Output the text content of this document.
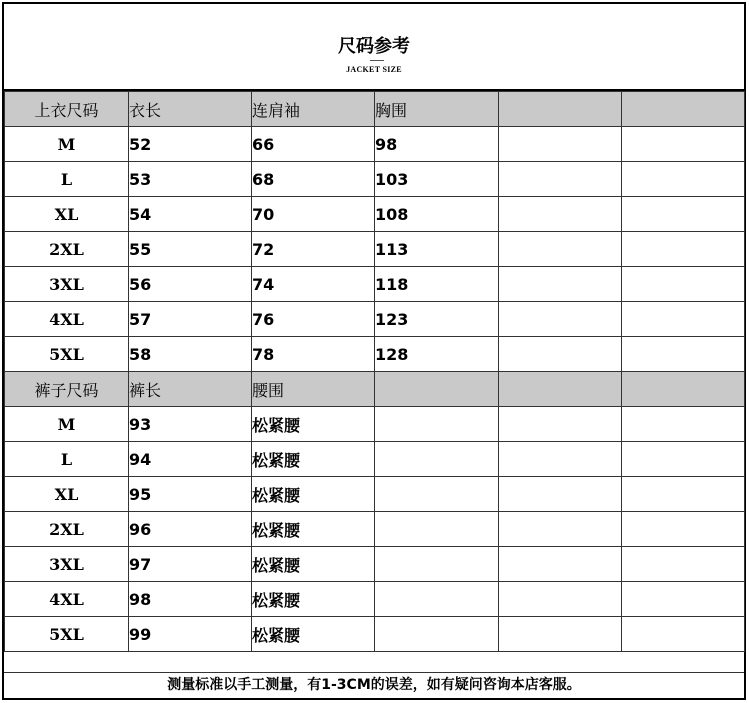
尺码参考
JACKET SIZE
上衣尺码	衣长	连肩袖	胸围		
M	52	66	98		
L	53	68	103		
XL	54	70	108		
2XL	55	72	113		
3XL	56	74	118		
4XL	57	76	123		
5XL	58	78	128		
裤子尺码	裤长	腰围			
M	93	松紧腰			
L	94	松紧腰			
XL	95	松紧腰			
2XL	96	松紧腰			
3XL	97	松紧腰			
4XL	98	松紧腰			
5XL	99	松紧腰			
测量标准以手工测量，有1-3CM的误差，如有疑问咨询本店客服。
